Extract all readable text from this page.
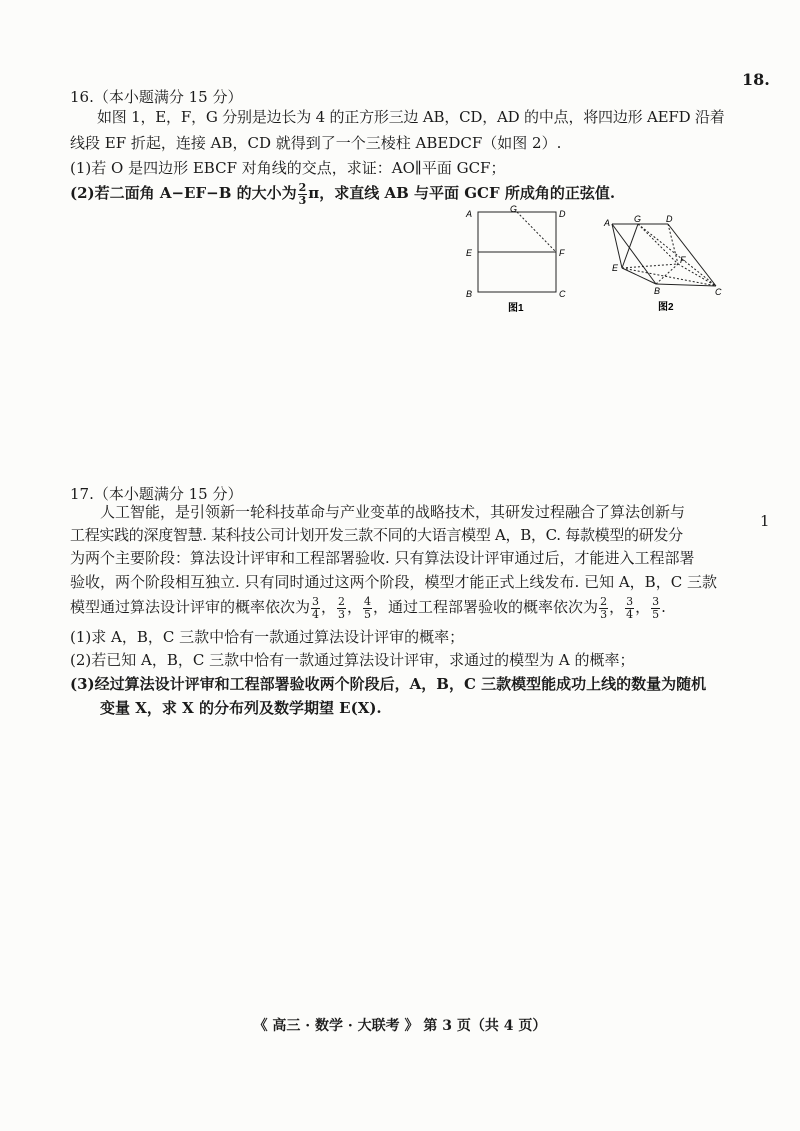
18.
1
16.（本小题满分 15 分）
如图 1，E，F，G 分别是边长为 4 的正方形三边 AB，CD，AD 的中点，将四边形 AEFD 沿着
线段 EF 折起，连接 AB，CD 就得到了一个三棱柱 ABEDCF（如图 2）.
(1)若 O 是四边形 EBCF 对角线的交点，求证：AO∥平面 GCF；
(2)若二面角 A−EF−B 的大小为 $\frac{2}{3}$ π，求直线 AB 与平面 GCF 所成角的正弦值.
A	G	D
E	F
B	C
图1
A	G	D
E
F
B	C
图2
17.（本小题满分 15 分）
人工智能，是引领新一轮科技革命与产业变革的战略技术，其研发过程融合了算法创新与
工程实践的深度智慧. 某科技公司计划开发三款不同的大语言模型 A，B，C. 每款模型的研发分
为两个主要阶段：算法设计评审和工程部署验收. 只有算法设计评审通过后，才能进入工程部署
验收，两个阶段相互独立. 只有同时通过这两个阶段，模型才能正式上线发布. 已知 A，B，C 三款
模型通过算法设计评审的概率依次为 $\frac{3}{4}$ ， $\frac{2}{3}$ ， $\frac{4}{5}$ ，通过工程部署验收的概率依次为 $\frac{2}{3}$ ， $\frac{3}{4}$ ， $\frac{3}{5}$ .
(1)求 A，B，C 三款中恰有一款通过算法设计评审的概率；
(2)若已知 A，B，C 三款中恰有一款通过算法设计评审，求通过的模型为 A 的概率；
(3)经过算法设计评审和工程部署验收两个阶段后，A，B，C 三款模型能成功上线的数量为随机
变量 X，求 X 的分布列及数学期望 E(X).
《 高三 · 数学 · 大联考 》 第 3 页（共 4 页）
